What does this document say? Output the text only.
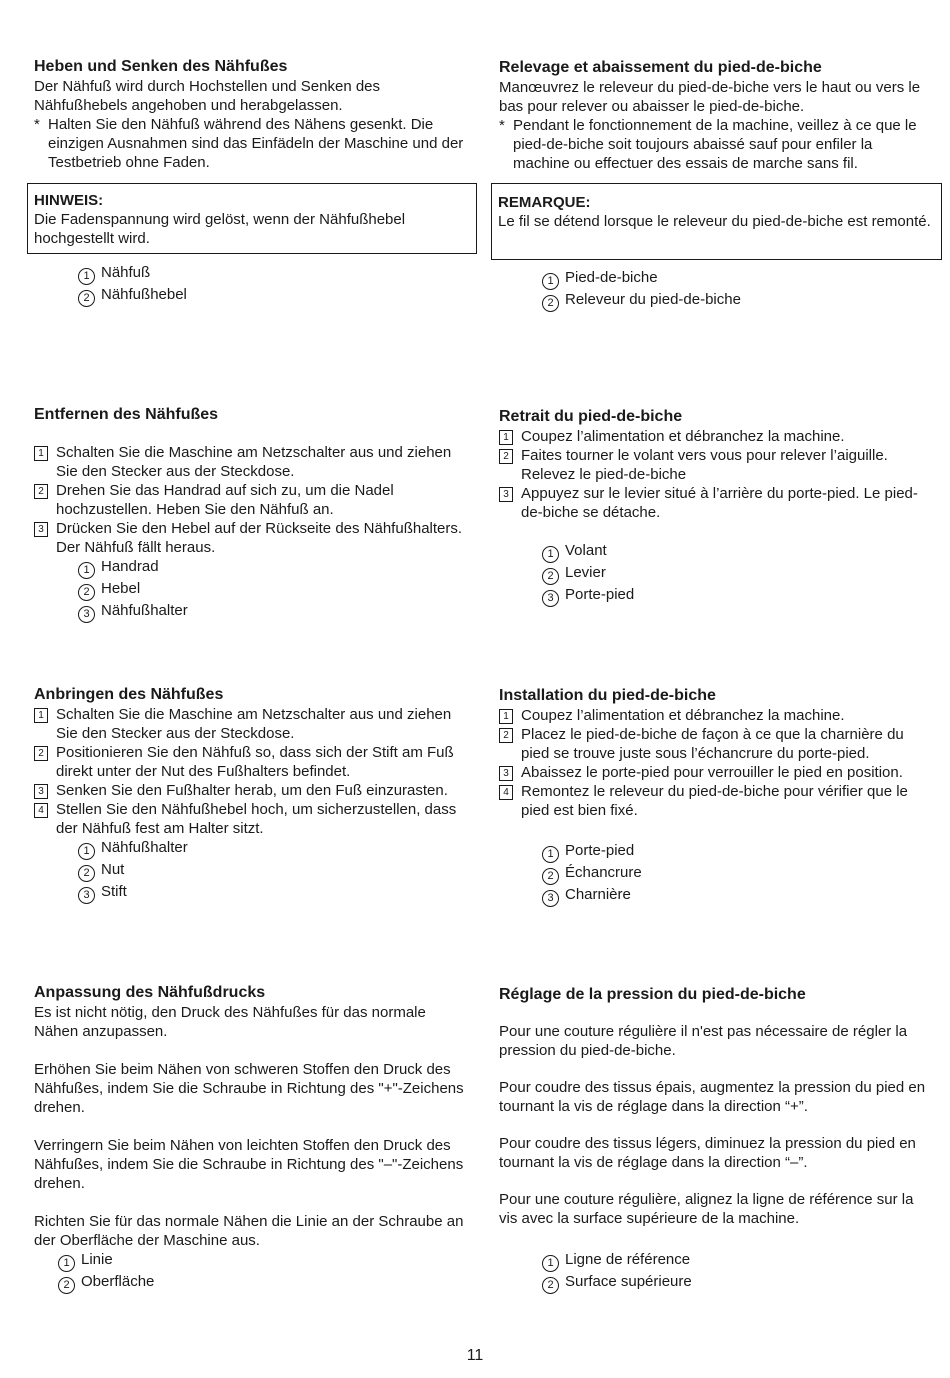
Heben und Senken des Nähfußes

Der Nähfuß wird durch Hochstellen und Senken des Nähfußhebels angehoben und herabgelassen.

* Halten Sie den Nähfuß während des Nähens gesenkt. Die einzigen Ausnahmen sind das Einfädeln der Maschine und der Testbetrieb ohne Faden.

HINWEIS:

Die Fadenspannung wird gelöst, wenn der Nähfußhebel hochgestellt wird.

1 Nähfuß

2 Nähfußhebel

Relevage et abaissement du pied-de-biche

Manœuvrez le releveur du pied-de-biche vers le haut ou vers le bas pour relever ou abaisser le pied-de-biche.

* Pendant le fonctionnement de la machine, veillez à ce que le pied-de-biche soit toujours abaissé sauf pour enfiler la machine ou effectuer des essais de marche sans fil.

REMARQUE:

Le fil se détend lorsque le releveur du pied-de-biche est remonté.

1 Pied-de-biche

2 Releveur du pied-de-biche

Entfernen des Nähfußes

1 Schalten Sie die Maschine am Netzschalter aus und ziehen Sie den Stecker aus der Steckdose.

2 Drehen Sie das Handrad auf sich zu, um die Nadel hochzustellen. Heben Sie den Nähfuß an.

3 Drücken Sie den Hebel auf der Rückseite des Nähfußhalters. Der Nähfuß fällt heraus.

1 Handrad

2 Hebel

3 Nähfußhalter

Retrait du pied-de-biche

1 Coupez l’alimentation et débranchez la machine.

2 Faites tourner le volant vers vous pour relever l’aiguille. Relevez le pied-de-biche

3 Appuyez sur le levier situé à l’arrière du porte-pied. Le pied-de-biche se détache.

1 Volant

2 Levier

3 Porte-pied

Anbringen des Nähfußes

1 Schalten Sie die Maschine am Netzschalter aus und ziehen Sie den Stecker aus der Steckdose.

2 Positionieren Sie den Nähfuß so, dass sich der Stift am Fuß direkt unter der Nut des Fußhalters befindet.

3 Senken Sie den Fußhalter herab, um den Fuß einzurasten.

4 Stellen Sie den Nähfußhebel hoch, um sicherzustellen, dass der Nähfuß fest am Halter sitzt.

1 Nähfußhalter

2 Nut

3 Stift

Installation du pied-de-biche

1 Coupez l’alimentation et débranchez la machine.

2 Placez le pied-de-biche de façon à ce que la charnière du pied se trouve juste sous l’échancrure du porte-pied.

3 Abaissez le porte-pied pour verrouiller le pied en position.

4 Remontez le releveur du pied-de-biche pour vérifier que le pied est bien fixé.

1 Porte-pied

2 Échancrure

3 Charnière

Anpassung des Nähfußdrucks

Es ist nicht nötig, den Druck des Nähfußes für das normale Nähen anzupassen.

Erhöhen Sie beim Nähen von schweren Stoffen den Druck des Nähfußes, indem Sie die Schraube in Richtung des "+"-Zeichens drehen.

Verringern Sie beim Nähen von leichten Stoffen den Druck des Nähfußes, indem Sie die Schraube in Richtung des "–"-Zeichens drehen.

Richten Sie für das normale Nähen die Linie an der Schraube an der Oberfläche der Maschine aus.

1 Linie

2 Oberfläche

Réglage de la pression du pied-de-biche

Pour une couture régulière il n'est pas nécessaire de régler la pression du pied-de-biche.

Pour coudre des tissus épais, augmentez la pression du pied en tournant la vis de réglage dans la direction “+”.

Pour coudre des tissus légers, diminuez la pression du pied en tournant la vis de réglage dans la direction “–”.

Pour une couture régulière, alignez la ligne de référence sur la vis avec la surface supérieure de la machine.

1 Ligne de référence

2 Surface supérieure

11
